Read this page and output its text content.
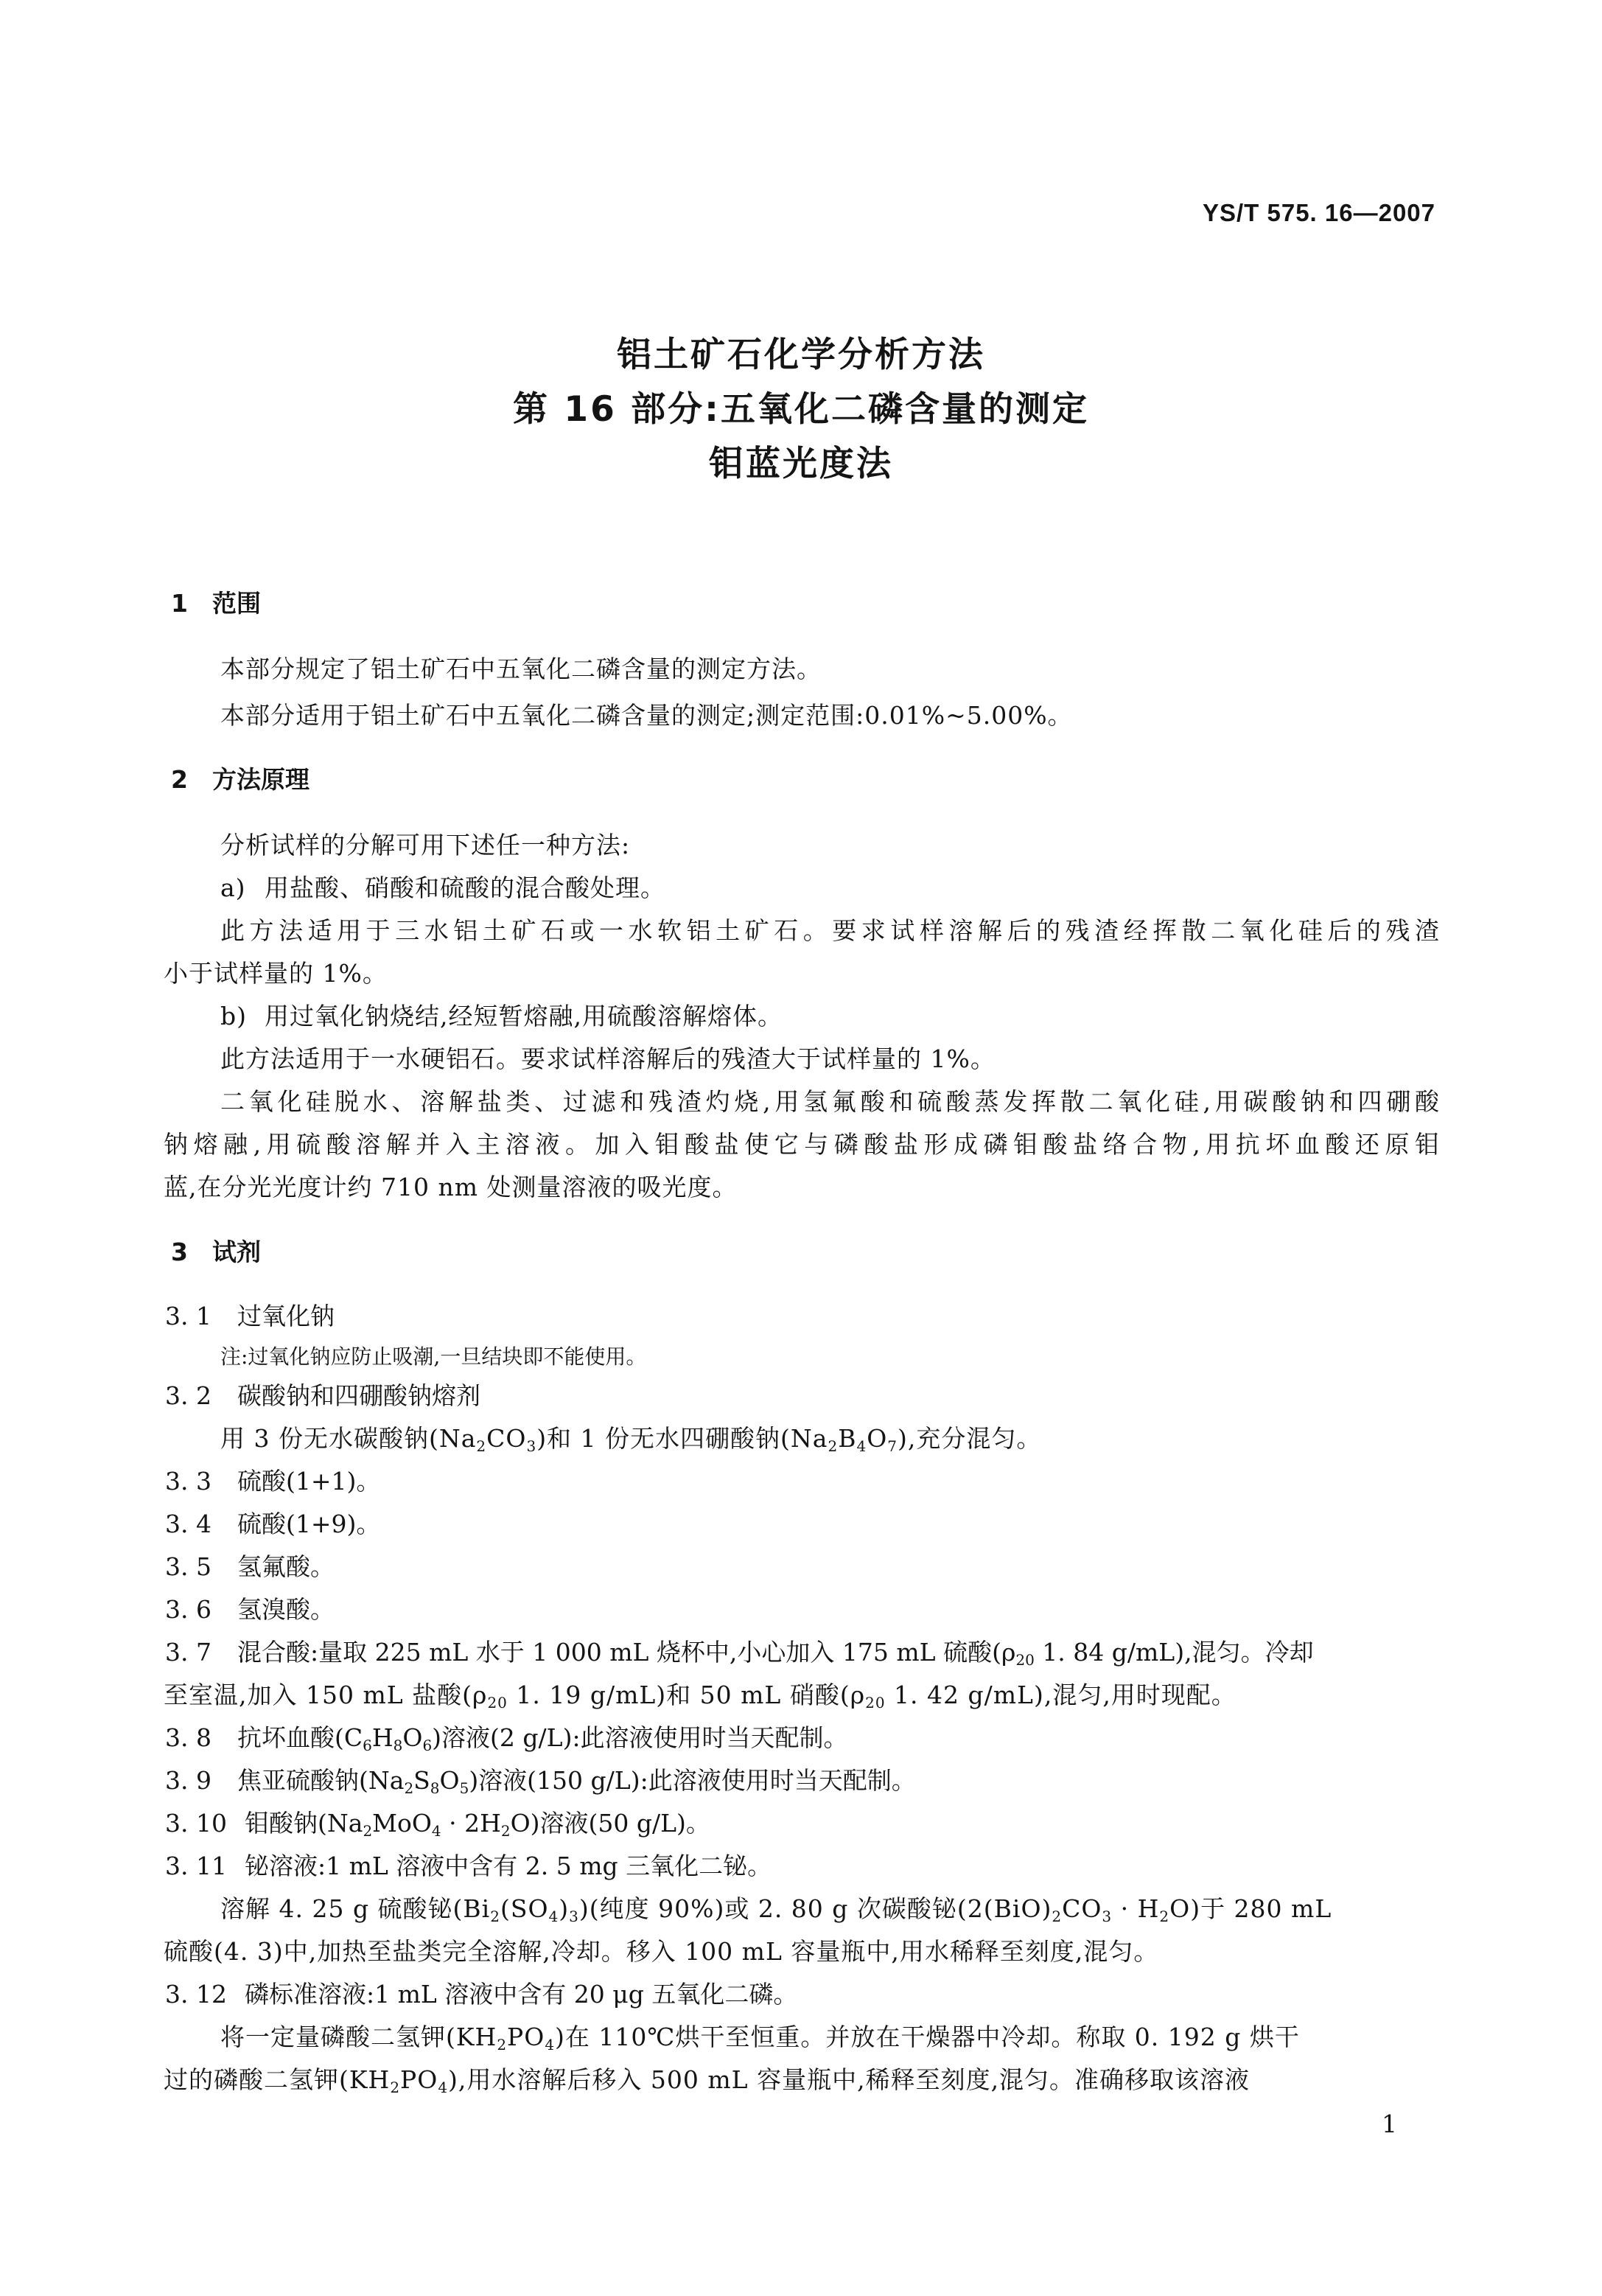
YS/T 575. 16—2007
铝土矿石化学分析方法
第 16 部分:五氧化二磷含量的测定
钼蓝光度法
1 范围
本部分规定了铝土矿石中五氧化二磷含量的测定方法。
本部分适用于铝土矿石中五氧化二磷含量的测定;测定范围:0.01%~5.00%。
2 方法原理
分析试样的分解可用下述任一种方法:
a) 用盐酸、硝酸和硫酸的混合酸处理。
此方法适用于三水铝土矿石或一水软铝土矿石。要求试样溶解后的残渣经挥散二氧化硅后的残渣
小于试样量的 1%。
b) 用过氧化钠烧结,经短暂熔融,用硫酸溶解熔体。
此方法适用于一水硬铝石。要求试样溶解后的残渣大于试样量的 1%。
二氧化硅脱水、溶解盐类、过滤和残渣灼烧,用氢氟酸和硫酸蒸发挥散二氧化硅,用碳酸钠和四硼酸
钠熔融,用硫酸溶解并入主溶液。加入钼酸盐使它与磷酸盐形成磷钼酸盐络合物,用抗坏血酸还原钼
蓝,在分光光度计约 710 nm 处测量溶液的吸光度。
3 试剂
3. 1 过氧化钠
注:过氧化钠应防止吸潮,一旦结块即不能使用。
3. 2 碳酸钠和四硼酸钠熔剂
用 3 份无水碳酸钠$(Na_2CO_3)$和 1 份无水四硼酸钠$(Na_2B_4O_7)$,充分混匀。
3. 3 硫酸(1+1)。
3. 4 硫酸(1+9)。
3. 5 氢氟酸。
3. 6 氢溴酸。
3. 7 混合酸:量取 225 mL 水于 1 000 mL 烧杯中,小心加入 175 mL 硫酸($\rho_{20}$ 1. 84 g/mL),混匀。冷却
至室温,加入 150 mL 盐酸($\rho_{20}$ 1. 19 g/mL)和 50 mL 硝酸($\rho_{20}$ 1. 42 g/mL),混匀,用时现配。
3. 8 抗坏血酸$(C_6H_8O_6)$溶液(2 g/L):此溶液使用时当天配制。
3. 9 焦亚硫酸钠$(Na_2S_8O_5)$溶液(150 g/L):此溶液使用时当天配制。
3. 10 钼酸钠$(Na_2MoO_4 \cdot 2H_2O)$溶液(50 g/L)。
3. 11 铋溶液:1 mL 溶液中含有 2. 5 mg 三氧化二铋。
溶解 4. 25 g 硫酸铋$(Bi_2(SO_4)_3)$(纯度 90%)或 2. 80 g 次碳酸铋$(2(BiO)_2CO_3 \cdot H_2O)$于 280 mL
硫酸(4. 3)中,加热至盐类完全溶解,冷却。移入 100 mL 容量瓶中,用水稀释至刻度,混匀。
3. 12 磷标准溶液:1 mL 溶液中含有 20 μg 五氧化二磷。
将一定量磷酸二氢钾$(KH_2PO_4)$在 110℃烘干至恒重。并放在干燥器中冷却。称取 0. 192 g 烘干
过的磷酸二氢钾$(KH_2PO_4)$,用水溶解后移入 500 mL 容量瓶中,稀释至刻度,混匀。准确移取该溶液
1
